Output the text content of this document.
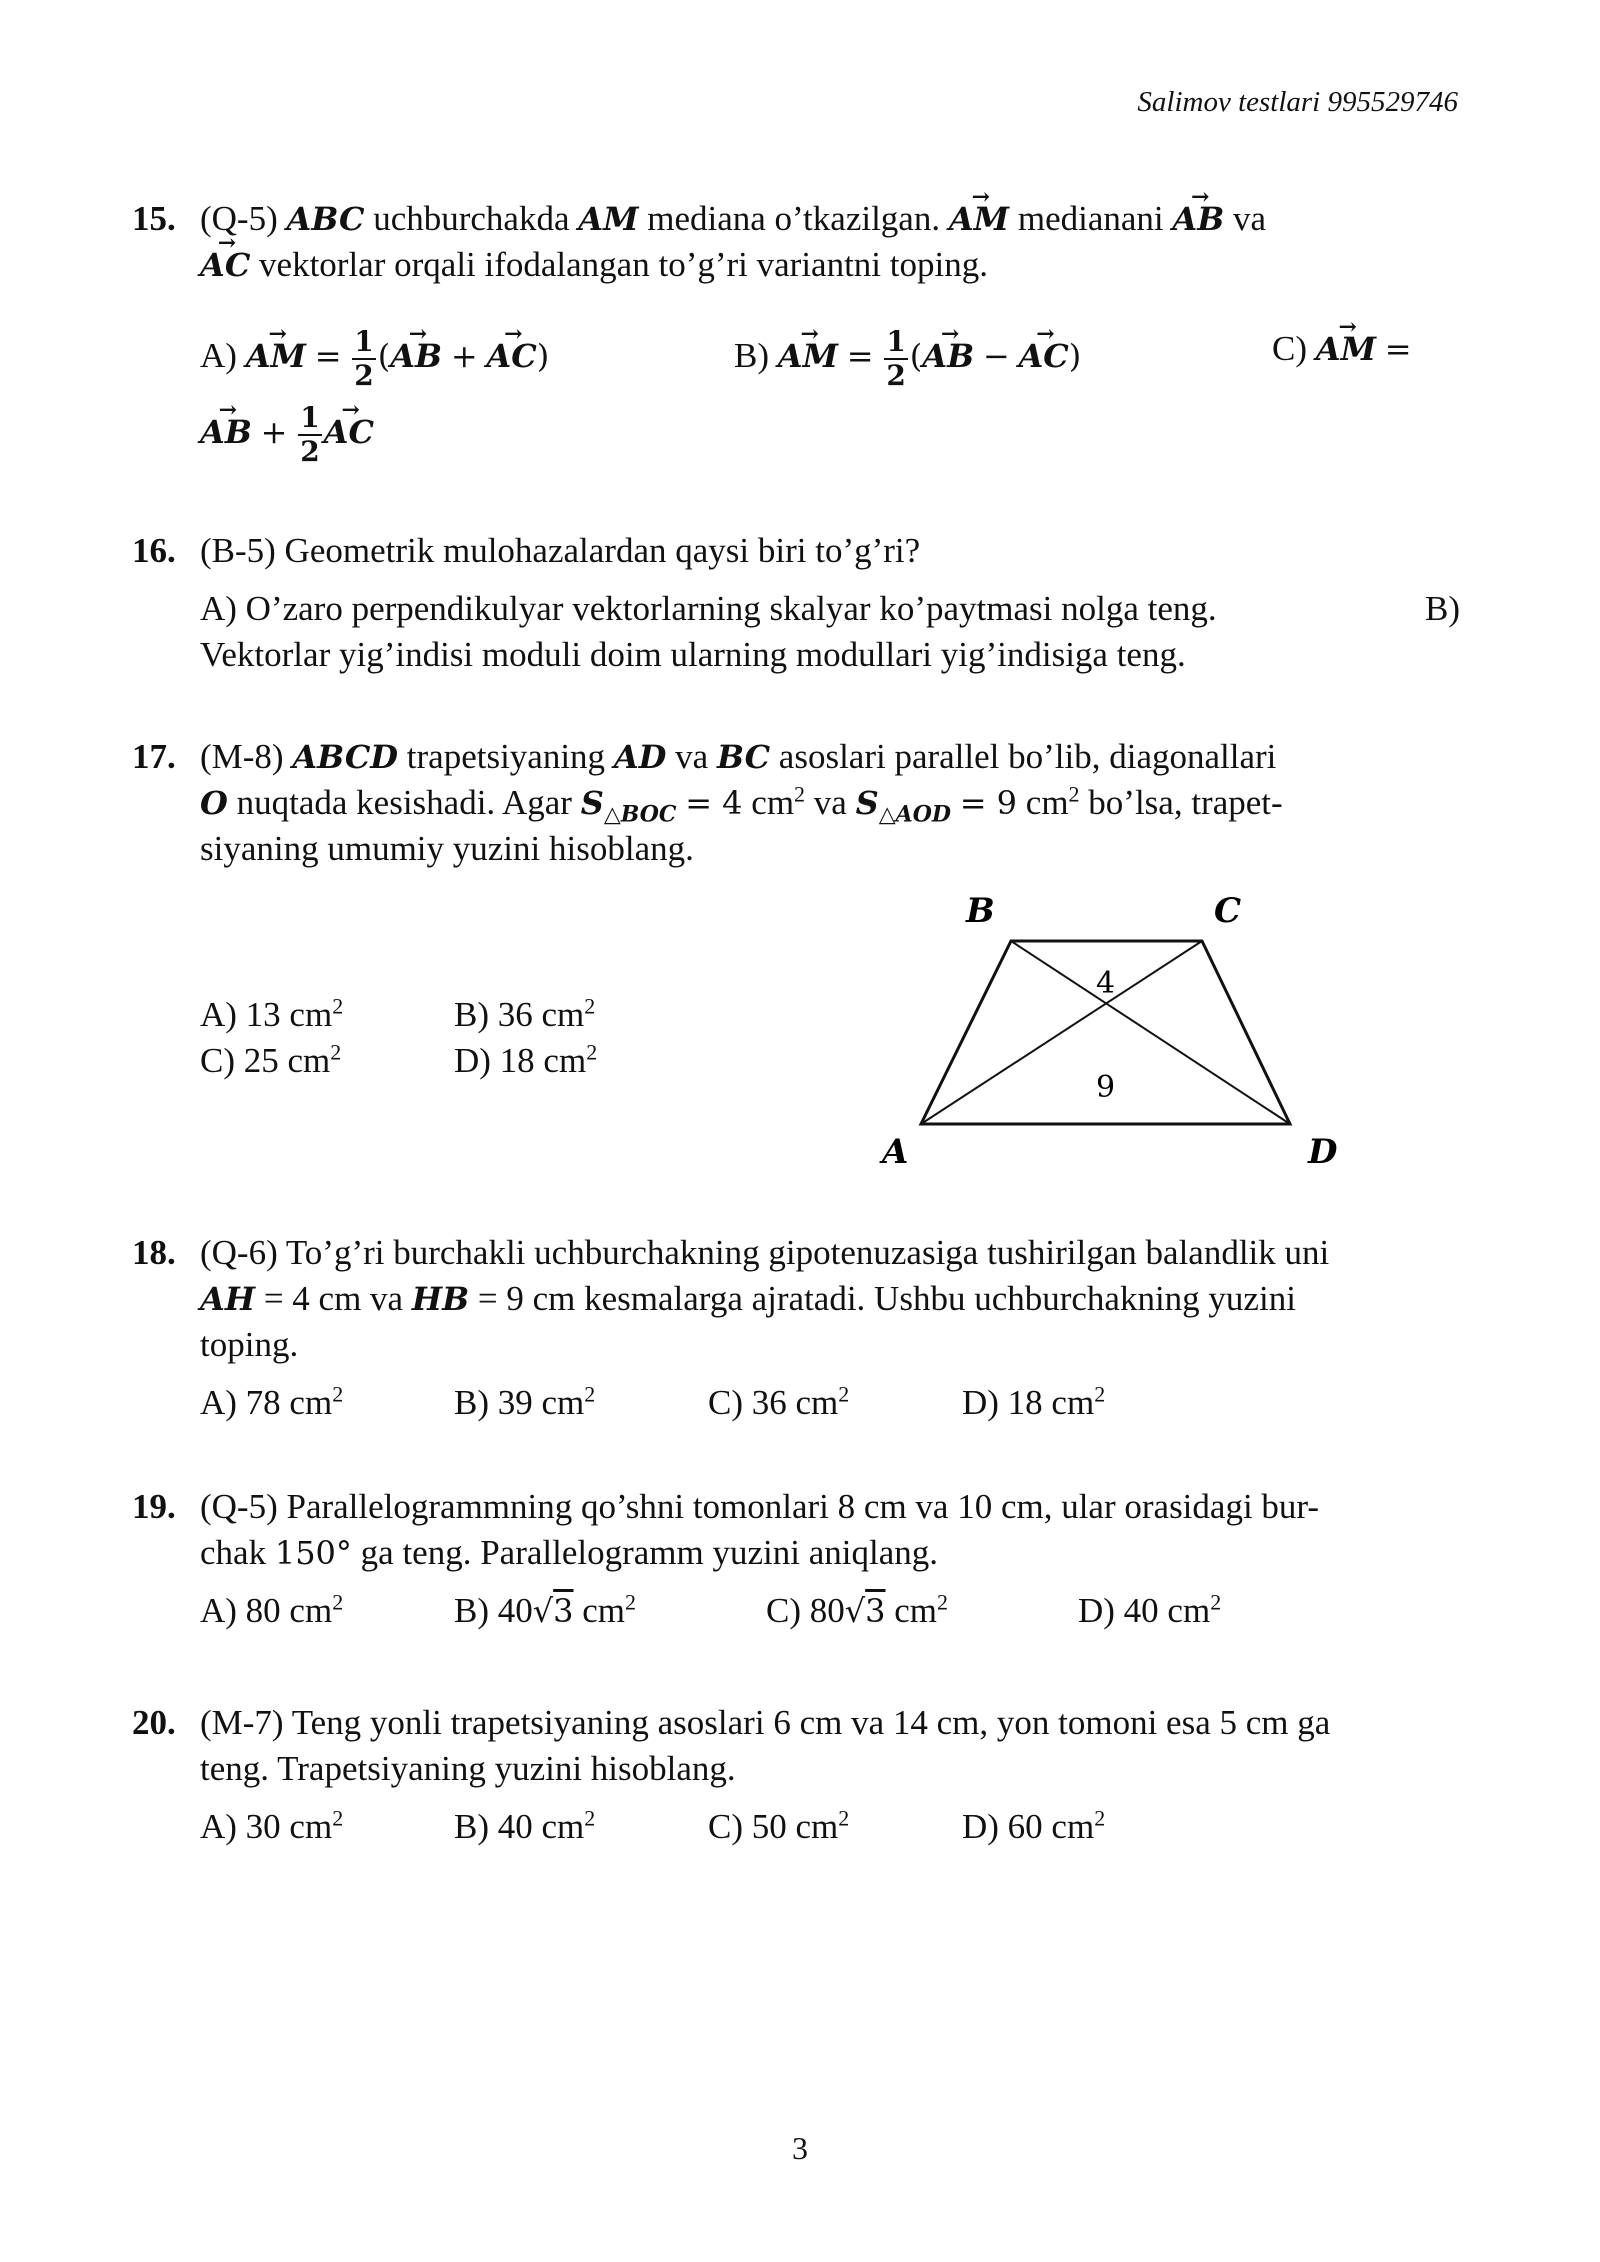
Salimov testlari 995529746
15. (Q-5) ABC uchburchakda AM mediana o’tkazilgan. → AM medianani → AB va
→ AC vektorlar orqali ifodalangan to’g’ri variantni toping.
A) → AM = $\frac{1}{2}$ (→ AB + → AC)	B) → AM = $\frac{1}{2}$ (→ AB − → AC)	C) → AM =
→ AB + $\frac{1}{2}$ → AC
16. (B-5) Geometrik mulohazalardan qaysi biri to’g’ri?
A) O’zaro perpendikulyar vektorlarning skalyar ko’paytmasi nolga teng.	B)
Vektorlar yig’indisi moduli doim ularning modullari yig’indisiga teng.
17. (M-8) ABCD trapetsiyaning AD va BC asoslari parallel bo’lib, diagonallari
O nuqtada kesishadi. Agar $S_{\triangle BOC} = 4$ $cm^2$ va $S_{\triangle AOD} = 9$ $cm^2$ bo’lsa, trapet-
siyaning umumiy yuzini hisoblang.
A) 13 $cm^2$	B) 36 $cm^2$
C) 25 $cm^2$	D) 18 $cm^2$
B	C
A	D
4
9
18. (Q-6) To’g’ri burchakli uchburchakning gipotenuzasiga tushirilgan balandlik uni
AH = 4 cm va HB = 9 cm kesmalarga ajratadi. Ushbu uchburchakning yuzini
toping.
A) 78 $cm^2$	B) 39 $cm^2$	C) 36 $cm^2$	D) 18 $cm^2$
19. (Q-5) Parallelogrammning qo’shni tomonlari 8 cm va 10 cm, ular orasidagi bur-
chak 150° ga teng. Parallelogramm yuzini aniqlang.
A) 80 $cm^2$	B) 40√3 $cm^2$	C) 80√3 $cm^2$	D) 40 $cm^2$
20. (M-7) Teng yonli trapetsiyaning asoslari 6 cm va 14 cm, yon tomoni esa 5 cm ga
teng. Trapetsiyaning yuzini hisoblang.
A) 30 $cm^2$	B) 40 $cm^2$	C) 50 $cm^2$	D) 60 $cm^2$
3
